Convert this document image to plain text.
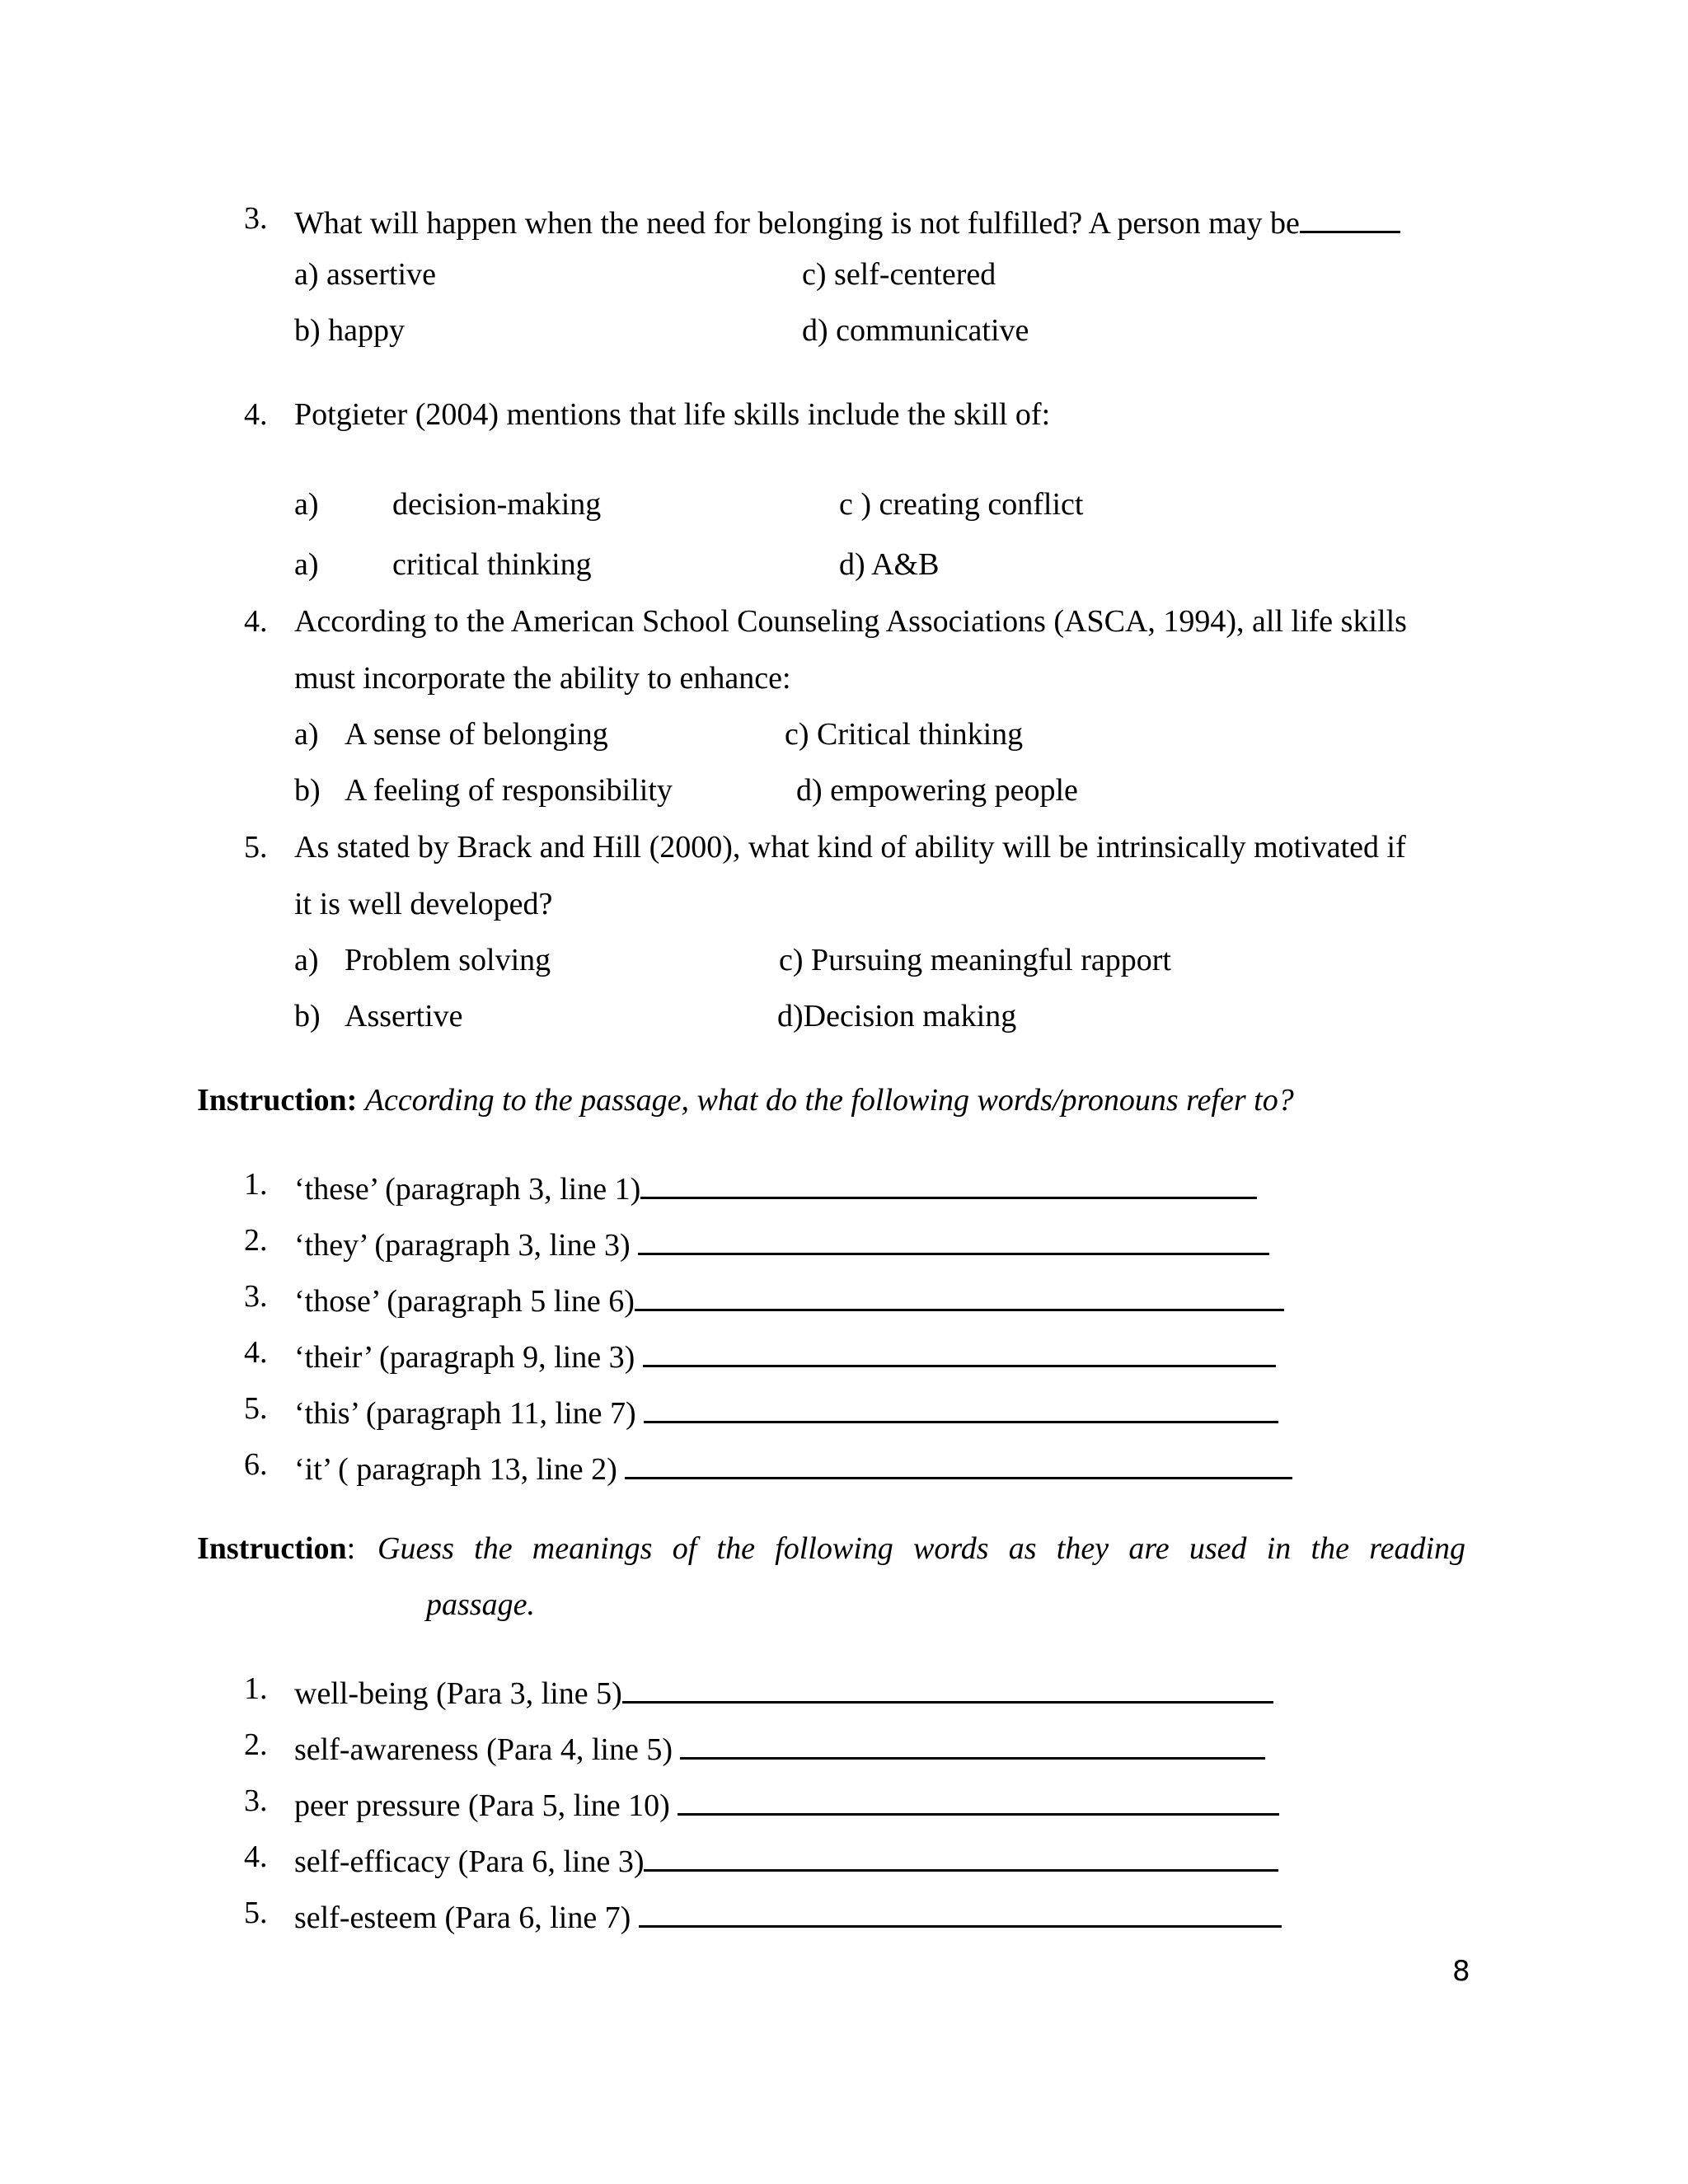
3. What will happen when the need for belonging is not fulfilled? A person may be
a) assertive	c) self-centered
b) happy	d) communicative
4. Potgieter (2004) mentions that life skills include the skill of:
a) decision-making	c ) creating conflict
a) critical thinking	d) A&B
4. According to the American School Counseling Associations (ASCA, 1994), all life skills
must incorporate the ability to enhance:
a) A sense of belonging	c) Critical thinking
b) A feeling of responsibility	d) empowering people
5. As stated by Brack and Hill (2000), what kind of ability will be intrinsically motivated if
it is well developed?
a) Problem solving	c) Pursuing meaningful rapport
b) Assertive	d)Decision making
Instruction: According to the passage, what do the following words/pronouns refer to?
1. ‘these’ (paragraph 3, line 1)
2. ‘they’ (paragraph 3, line 3)
3. ‘those’ (paragraph 5 line 6)
4. ‘their’ (paragraph 9, line 3)
5. ‘this’ (paragraph 11, line 7)
6. ‘it’ ( paragraph 13, line 2)
Instruction: Guess the meanings of the following words as they are used in the reading
passage.
1. well-being (Para 3, line 5)
2. self-awareness (Para 4, line 5)
3. peer pressure (Para 5, line 10)
4. self-efficacy (Para 6, line 3)
5. self-esteem (Para 6, line 7)
8
